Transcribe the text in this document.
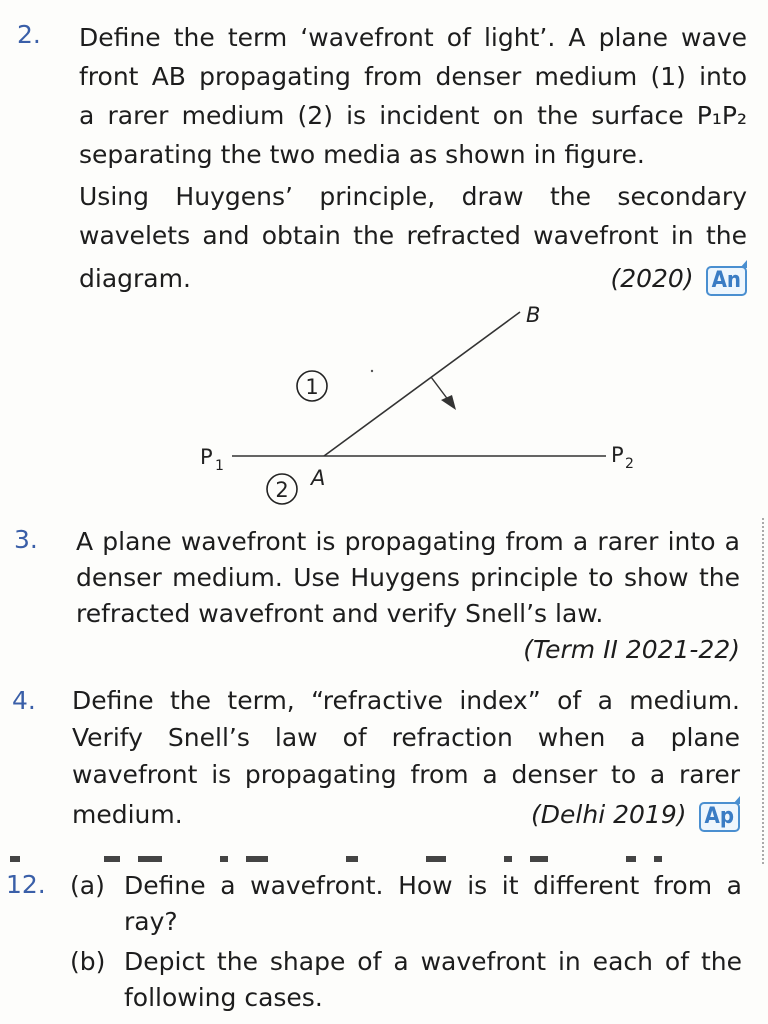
2. Define the term ‘wavefront of light’. A plane wave
front AB propagating from denser medium (1) into
a rarer medium (2) is incident on the surface P₁P₂
separating the two media as shown in figure.
Using Huygens’ principle, draw the secondary
wavelets and obtain the refracted wavefront in the
diagram.	(2020) An
1
2
B
A
P 1	P 2
3. A plane wavefront is propagating from a rarer into a
denser medium. Use Huygens principle to show the
refracted wavefront and verify Snell’s law.
(Term II 2021-22)
4. Define the term, “refractive index” of a medium.
Verify Snell’s law of refraction when a plane
wavefront is propagating from a denser to a rarer
medium.	(Delhi 2019) Ap
12. (a) Define a wavefront. How is it different from a
ray?
(b) Depict the shape of a wavefront in each of the
following cases.
